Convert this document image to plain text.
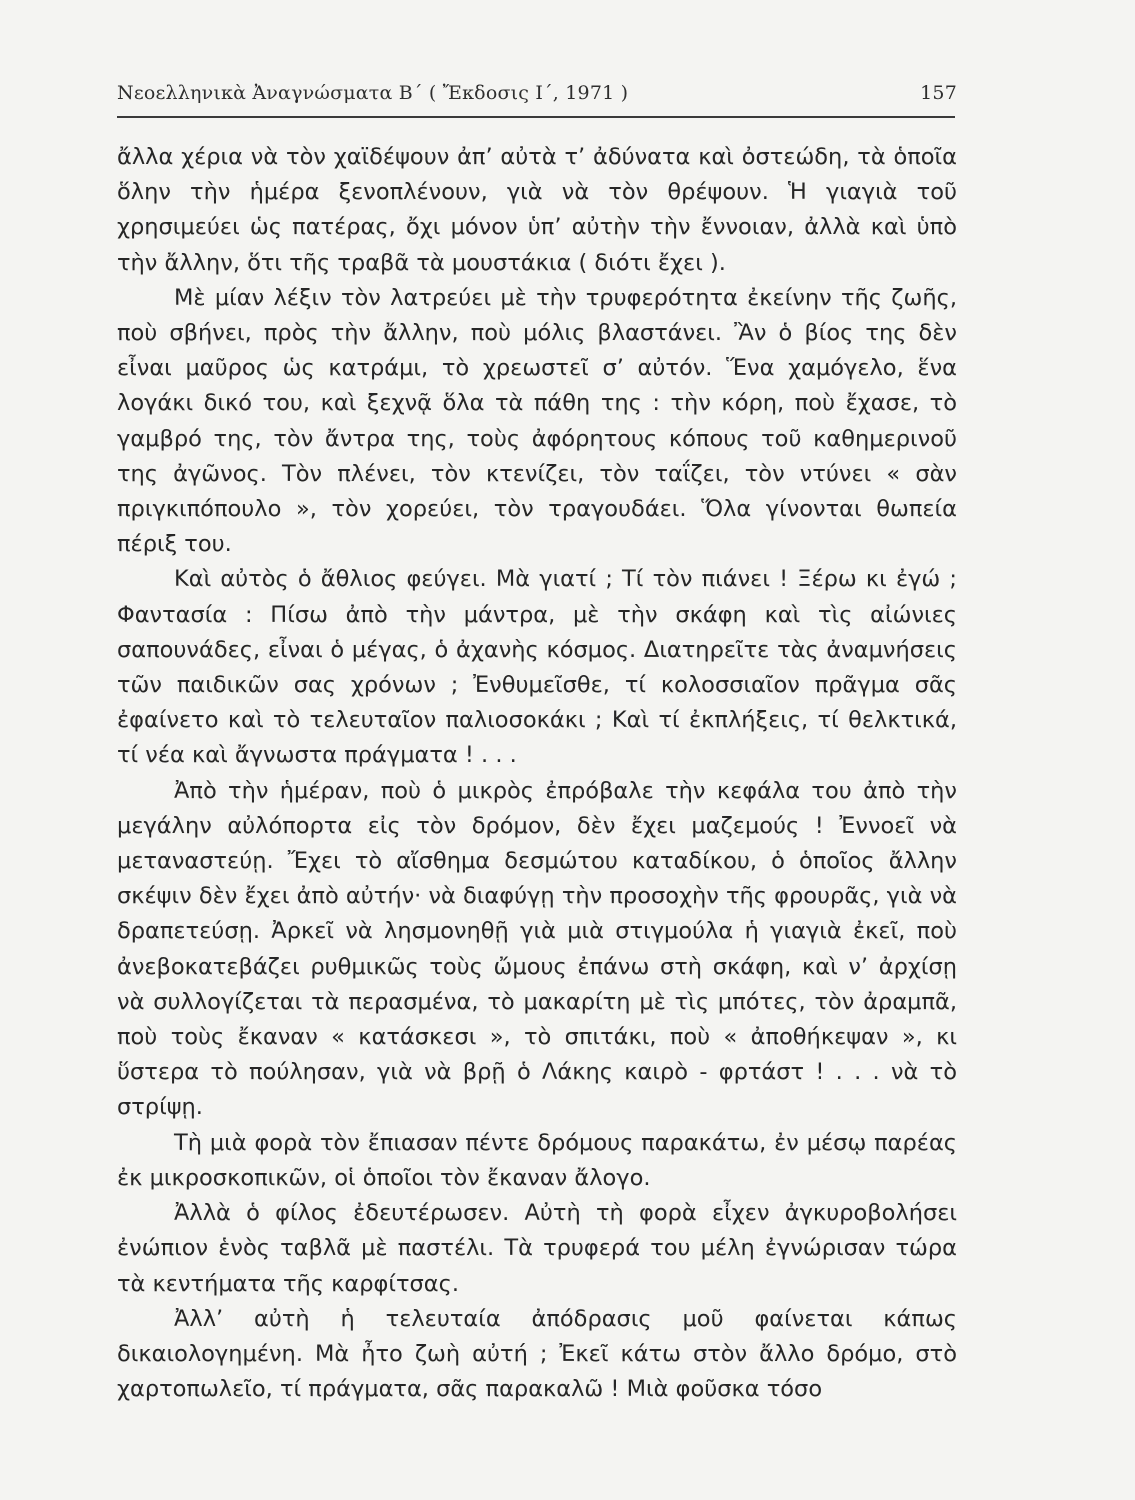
Νεοελληνικὰ Ἀναγνώσματα Β΄ ( Ἔκδοσις Ι΄, 1971 )	157

ἄλλα χέρια νὰ τὸν χαϊδέψουν ἀπ’ αὐτὰ τ’ ἀδύνατα καὶ ὀστεώδη, τὰ ὁποῖα ὅλην τὴν ἡμέρα ξενοπλένουν, γιὰ νὰ τὸν θρέψουν. Ἡ γιαγιὰ τοῦ χρησιμεύει ὡς πατέρας, ὄχι μόνον ὑπ’ αὐτὴν τὴν ἔννοιαν, ἀλλὰ καὶ ὑπὸ τὴν ἄλλην, ὅτι τῆς τραβᾶ τὰ μουστάκια ( διότι ἔχει ).

Μὲ μίαν λέξιν τὸν λατρεύει μὲ τὴν τρυφερότητα ἐκείνην τῆς ζωῆς, ποὺ σβήνει, πρὸς τὴν ἄλλην, ποὺ μόλις βλαστάνει. Ἂν ὁ βίος της δὲν εἶναι μαῦρος ὡς κατράμι, τὸ χρεωστεῖ σ’ αὐτόν. Ἕνα χαμόγελο, ἕνα λογάκι δικό του, καὶ ξεχνᾷ ὅλα τὰ πάθη της : τὴν κόρη, ποὺ ἔχασε, τὸ γαμβρό της, τὸν ἄντρα της, τοὺς ἀφόρητους κόπους τοῦ καθημερινοῦ της ἀγῶνος. Τὸν πλένει, τὸν κτενίζει, τὸν ταΐζει, τὸν ντύνει « σὰν πριγκιπόπουλο », τὸν χορεύει, τὸν τραγουδάει. Ὅλα γίνονται θωπεία πέριξ του.

Καὶ αὐτὸς ὁ ἄθλιος φεύγει. Μὰ γιατί ; Τί τὸν πιάνει ! Ξέρω κι ἐγώ ; Φαντασία : Πίσω ἀπὸ τὴν μάντρα, μὲ τὴν σκάφη καὶ τὶς αἰώνιες σαπουνάδες, εἶναι ὁ μέγας, ὁ ἀχανὴς κόσμος. Διατηρεῖτε τὰς ἀναμνήσεις τῶν παιδικῶν σας χρόνων ; Ἐνθυμεῖσθε, τί κολοσσιαῖον πρᾶγμα σᾶς ἐφαίνετο καὶ τὸ τελευταῖον παλιοσοκάκι ; Καὶ τί ἐκπλήξεις, τί θελκτικά, τί νέα καὶ ἄγνωστα πράγματα ! . . .

Ἀπὸ τὴν ἡμέραν, ποὺ ὁ μικρὸς ἐπρόβαλε τὴν κεφάλα του ἀπὸ τὴν μεγάλην αὐλόπορτα εἰς τὸν δρόμον, δὲν ἔχει μαζεμούς ! Ἐννοεῖ νὰ μεταναστεύῃ. Ἔχει τὸ αἴσθημα δεσμώτου καταδίκου, ὁ ὁποῖος ἄλλην σκέψιν δὲν ἔχει ἀπὸ αὐτήν· νὰ διαφύγῃ τὴν προσοχὴν τῆς φρουρᾶς, γιὰ νὰ δραπετεύσῃ. Ἀρκεῖ νὰ λησμονηθῇ γιὰ μιὰ στιγμούλα ἡ γιαγιὰ ἐκεῖ, ποὺ ἀνεβοκατεβάζει ρυθμικῶς τοὺς ὤμους ἐπάνω στὴ σκάφη, καὶ ν’ ἀρχίσῃ νὰ συλλογίζεται τὰ περασμένα, τὸ μακαρίτη μὲ τὶς μπότες, τὸν ἀραμπᾶ, ποὺ τοὺς ἔκαναν « κατάσκεσι », τὸ σπιτάκι, ποὺ « ἀποθήκεψαν », κι ὕστερα τὸ πούλησαν, γιὰ νὰ βρῇ ὁ Λάκης καιρὸ - φρτάστ ! . . . νὰ τὸ στρίψῃ.

Τὴ μιὰ φορὰ τὸν ἔπιασαν πέντε δρόμους παρακάτω, ἐν μέσῳ παρέας ἐκ μικροσκοπικῶν, οἱ ὁποῖοι τὸν ἔκαναν ἄλογο.

Ἀλλὰ ὁ φίλος ἐδευτέρωσεν. Αὐτὴ τὴ φορὰ εἶχεν ἀγκυροβολήσει ἐνώπιον ἑνὸς ταβλᾶ μὲ παστέλι. Τὰ τρυφερά του μέλη ἐγνώρισαν τώρα τὰ κεντήματα τῆς καρφίτσας.

Ἀλλ’ αὐτὴ ἡ τελευταία ἀπόδρασις μοῦ φαίνεται κάπως δικαιολογημένη. Μὰ ἦτο ζωὴ αὐτή ; Ἐκεῖ κάτω στὸν ἄλλο δρόμο, στὸ χαρτοπωλεῖο, τί πράγματα, σᾶς παρακαλῶ ! Μιὰ φοῦσκα τόσο
